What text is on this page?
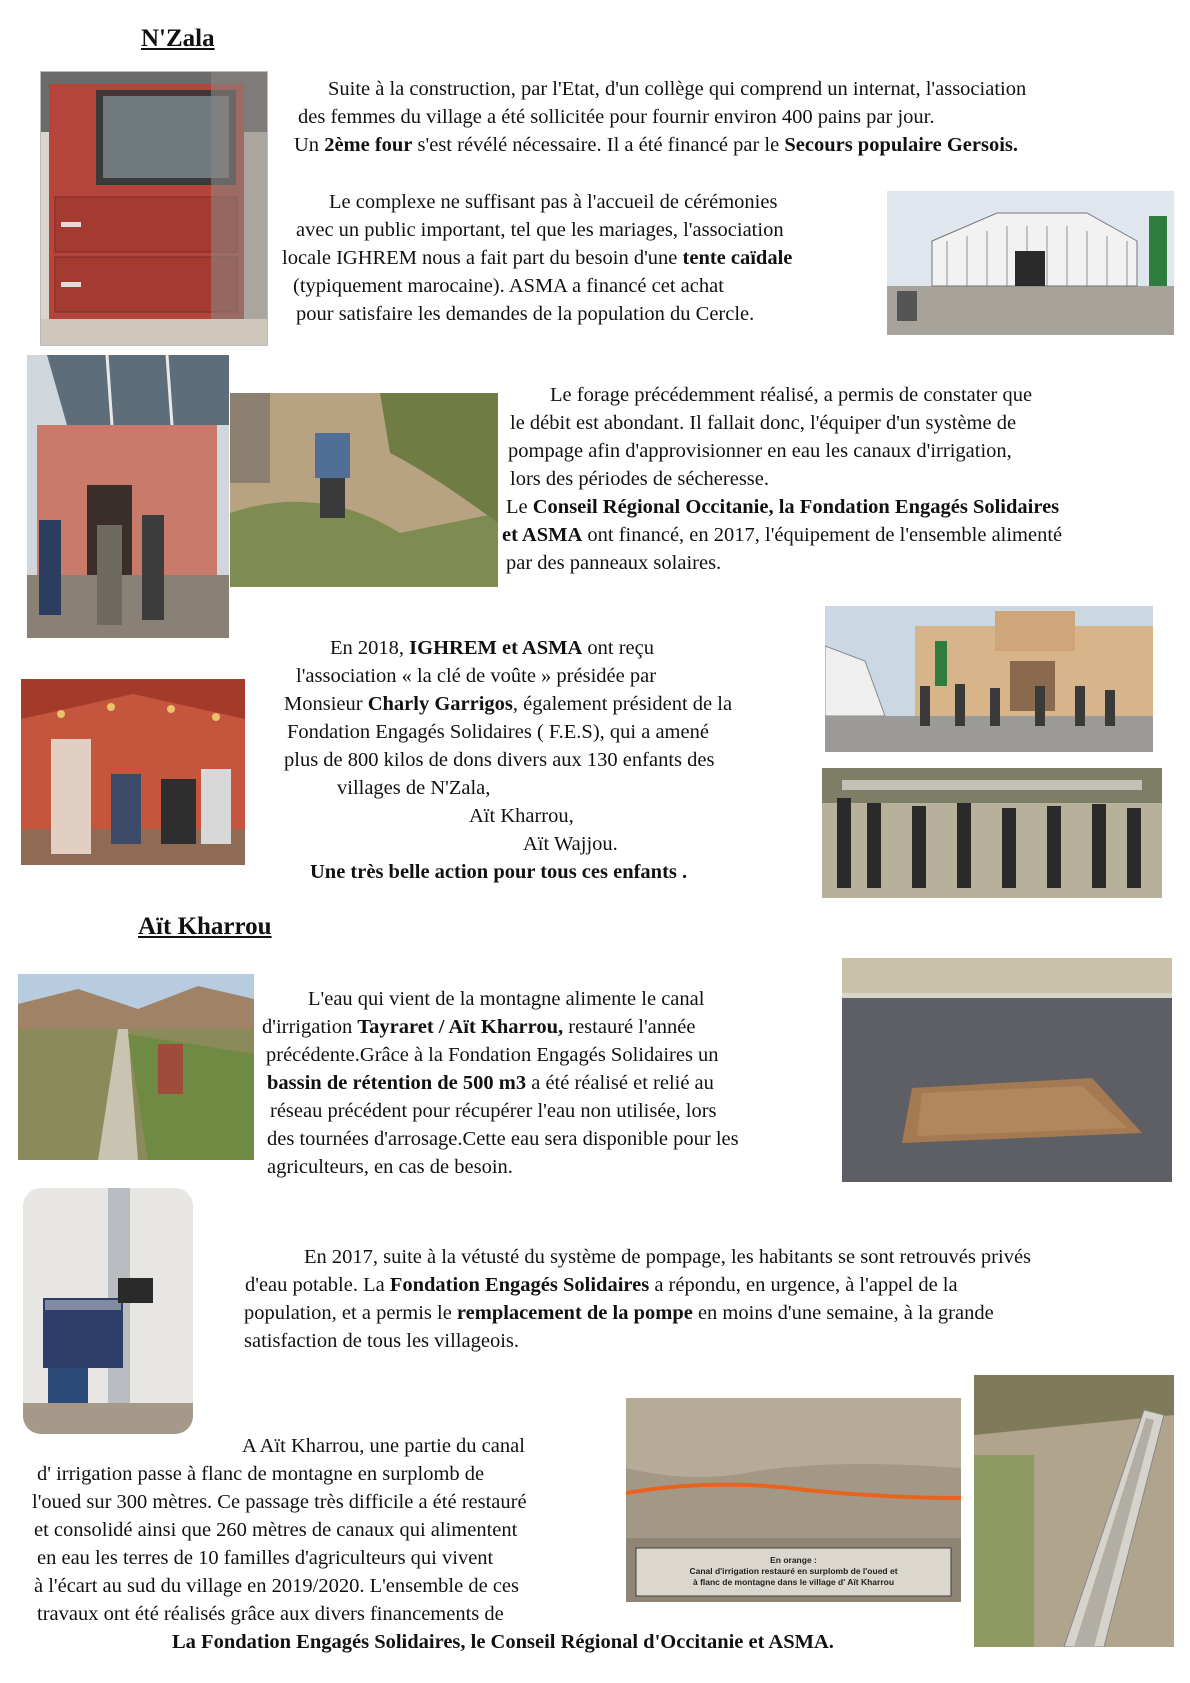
N'Zala
Aït Kharrou
En orange :
Canal d'irrigation restauré en surplomb de l'oued et
à flanc de montagne dans le village d' Aït Kharrou
Suite à la construction, par l'Etat, d'un collège qui comprend un internat, l'association
des femmes du village a été sollicitée pour fournir environ 400 pains par jour.
Un 2ème four s'est révélé nécessaire. Il a été financé par le Secours populaire Gersois.
Le complexe ne suffisant pas à l'accueil de cérémonies
avec un public important, tel que les mariages, l'association
locale IGHREM nous a fait part du besoin d'une tente caïdale
(typiquement marocaine). ASMA a financé cet achat
pour satisfaire les demandes de la population du Cercle.
Le forage précédemment réalisé, a permis de constater que
le débit est abondant. Il fallait donc, l'équiper d'un système de
pompage afin d'approvisionner en eau les canaux d'irrigation,
lors des périodes de sécheresse.
Le Conseil Régional Occitanie, la Fondation Engagés Solidaires
et ASMA ont financé, en 2017, l'équipement de l'ensemble alimenté
par des panneaux solaires.
En 2018, IGHREM et ASMA ont reçu
l'association « la clé de voûte » présidée par
Monsieur Charly Garrigos, également président de la
Fondation Engagés Solidaires ( F.E.S), qui a amené
plus de 800 kilos de dons divers aux 130 enfants des
villages de N'Zala,
Aït Kharrou,
Aït Wajjou.
Une très belle action pour tous ces enfants .
L'eau qui vient de la montagne alimente le canal
d'irrigation Tayraret / Aït Kharrou, restauré l'année
précédente.Grâce à la Fondation Engagés Solidaires un
bassin de rétention de 500 m3 a été réalisé et relié au
réseau précédent pour récupérer l'eau non utilisée, lors
des tournées d'arrosage.Cette eau sera disponible pour les
agriculteurs, en cas de besoin.
En 2017, suite à la vétusté du système de pompage, les habitants se sont retrouvés privés
d'eau potable. La Fondation Engagés Solidaires a répondu, en urgence, à l'appel de la
population, et a permis le remplacement de la pompe en moins d'une semaine, à la grande
satisfaction de tous les villageois.
A Aït Kharrou, une partie du canal
d' irrigation passe à flanc de montagne en surplomb de
l'oued sur 300 mètres. Ce passage très difficile a été restauré
et consolidé ainsi que 260 mètres de canaux qui alimentent
en eau les terres de 10 familles d'agriculteurs qui vivent
à l'écart au sud du village en 2019/2020. L'ensemble de ces
travaux ont été réalisés grâce aux divers financements de
La Fondation Engagés Solidaires, le Conseil Régional d'Occitanie et ASMA.
